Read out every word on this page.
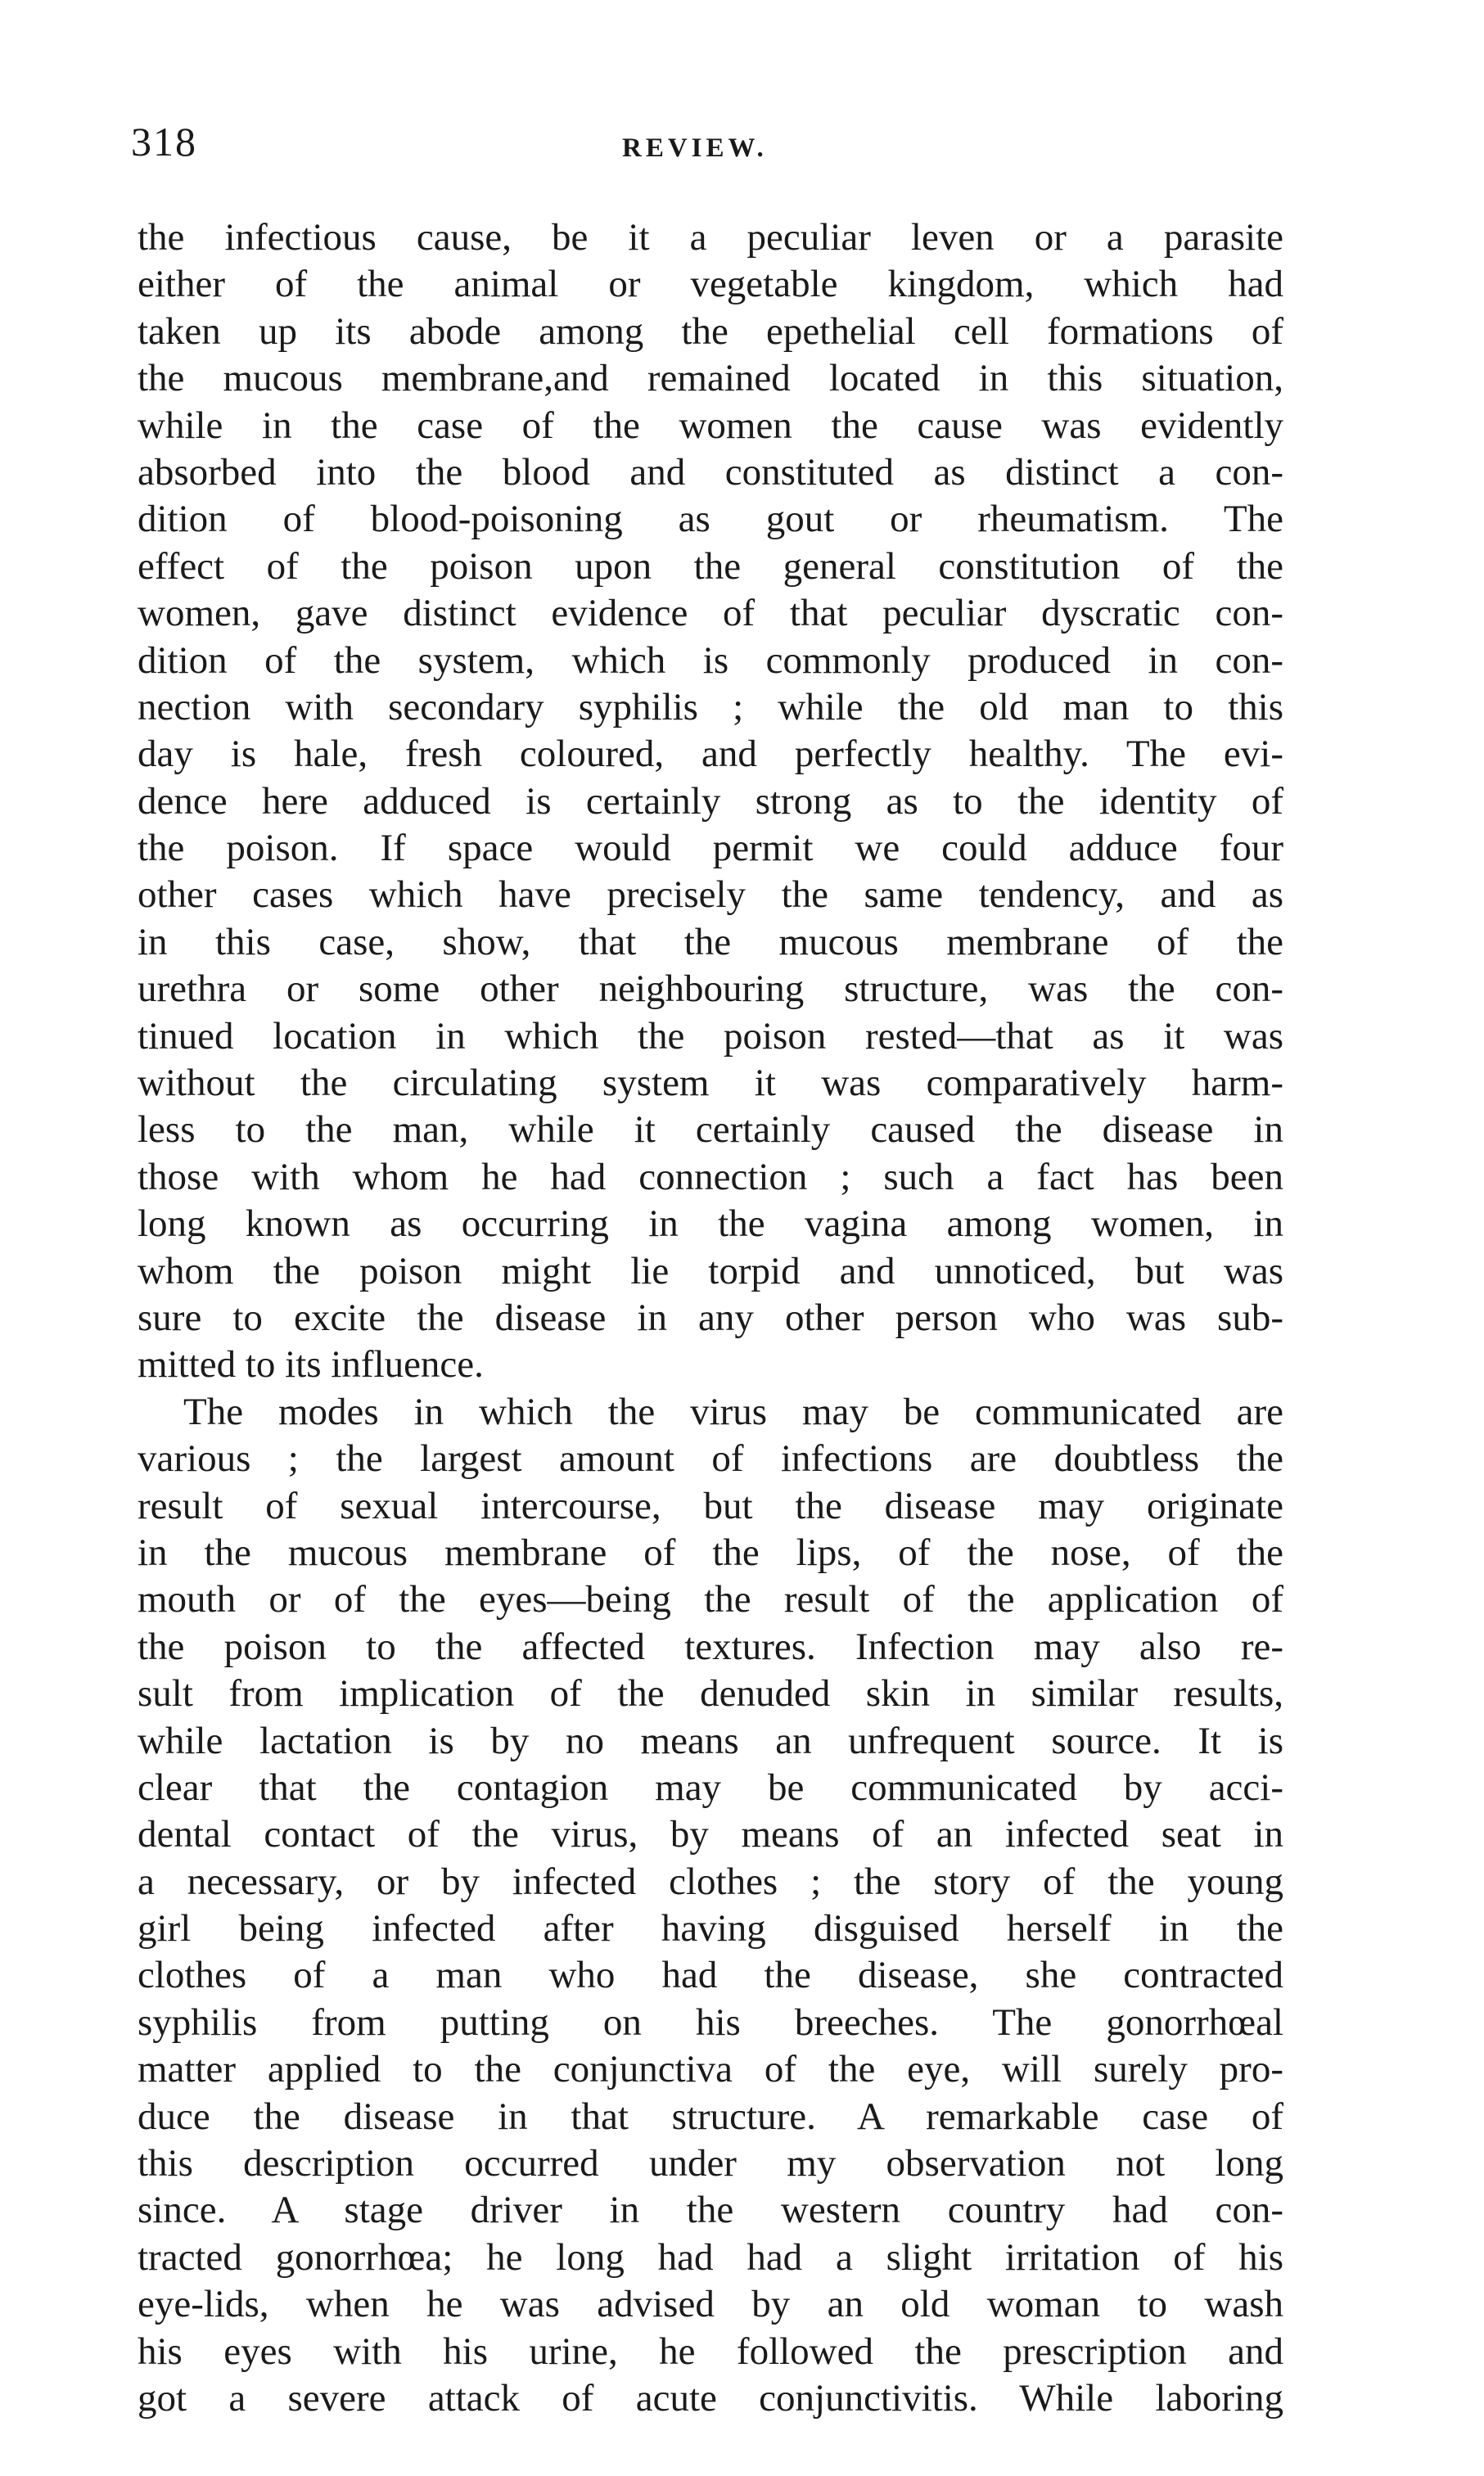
318	REVIEW.
the infectious cause, be it a peculiar leven or a parasite
either of the animal or vegetable kingdom, which had
taken up its abode among the epethelial cell formations of
the mucous membrane,and remained located in this situation,
while in the case of the women the cause was evidently
absorbed into the blood and constituted as distinct a con-
dition of blood-poisoning as gout or rheumatism. The
effect of the poison upon the general constitution of the
women, gave distinct evidence of that peculiar dyscratic con-
dition of the system, which is commonly produced in con-
nection with secondary syphilis ; while the old man to this
day is hale, fresh coloured, and perfectly healthy. The evi-
dence here adduced is certainly strong as to the identity of
the poison. If space would permit we could adduce four
other cases which have precisely the same tendency, and as
in this case, show, that the mucous membrane of the
urethra or some other neighbouring structure, was the con-
tinued location in which the poison rested—that as it was
without the circulating system it was comparatively harm-
less to the man, while it certainly caused the disease in
those with whom he had connection ; such a fact has been
long known as occurring in the vagina among women, in
whom the poison might lie torpid and unnoticed, but was
sure to excite the disease in any other person who was sub-
mitted to its influence.
The modes in which the virus may be communicated are
various ; the largest amount of infections are doubtless the
result of sexual intercourse, but the disease may originate
in the mucous membrane of the lips, of the nose, of the
mouth or of the eyes—being the result of the application of
the poison to the affected textures. Infection may also re-
sult from implication of the denuded skin in similar results,
while lactation is by no means an unfrequent source. It is
clear that the contagion may be communicated by acci-
dental contact of the virus, by means of an infected seat in
a necessary, or by infected clothes ; the story of the young
girl being infected after having disguised herself in the
clothes of a man who had the disease, she contracted
syphilis from putting on his breeches. The gonorrhœal
matter applied to the conjunctiva of the eye, will surely pro-
duce the disease in that structure. A remarkable case of
this description occurred under my observation not long
since. A stage driver in the western country had con-
tracted gonorrhœa; he long had had a slight irritation of his
eye-lids, when he was advised by an old woman to wash
his eyes with his urine, he followed the prescription and
got a severe attack of acute conjunctivitis. While laboring
